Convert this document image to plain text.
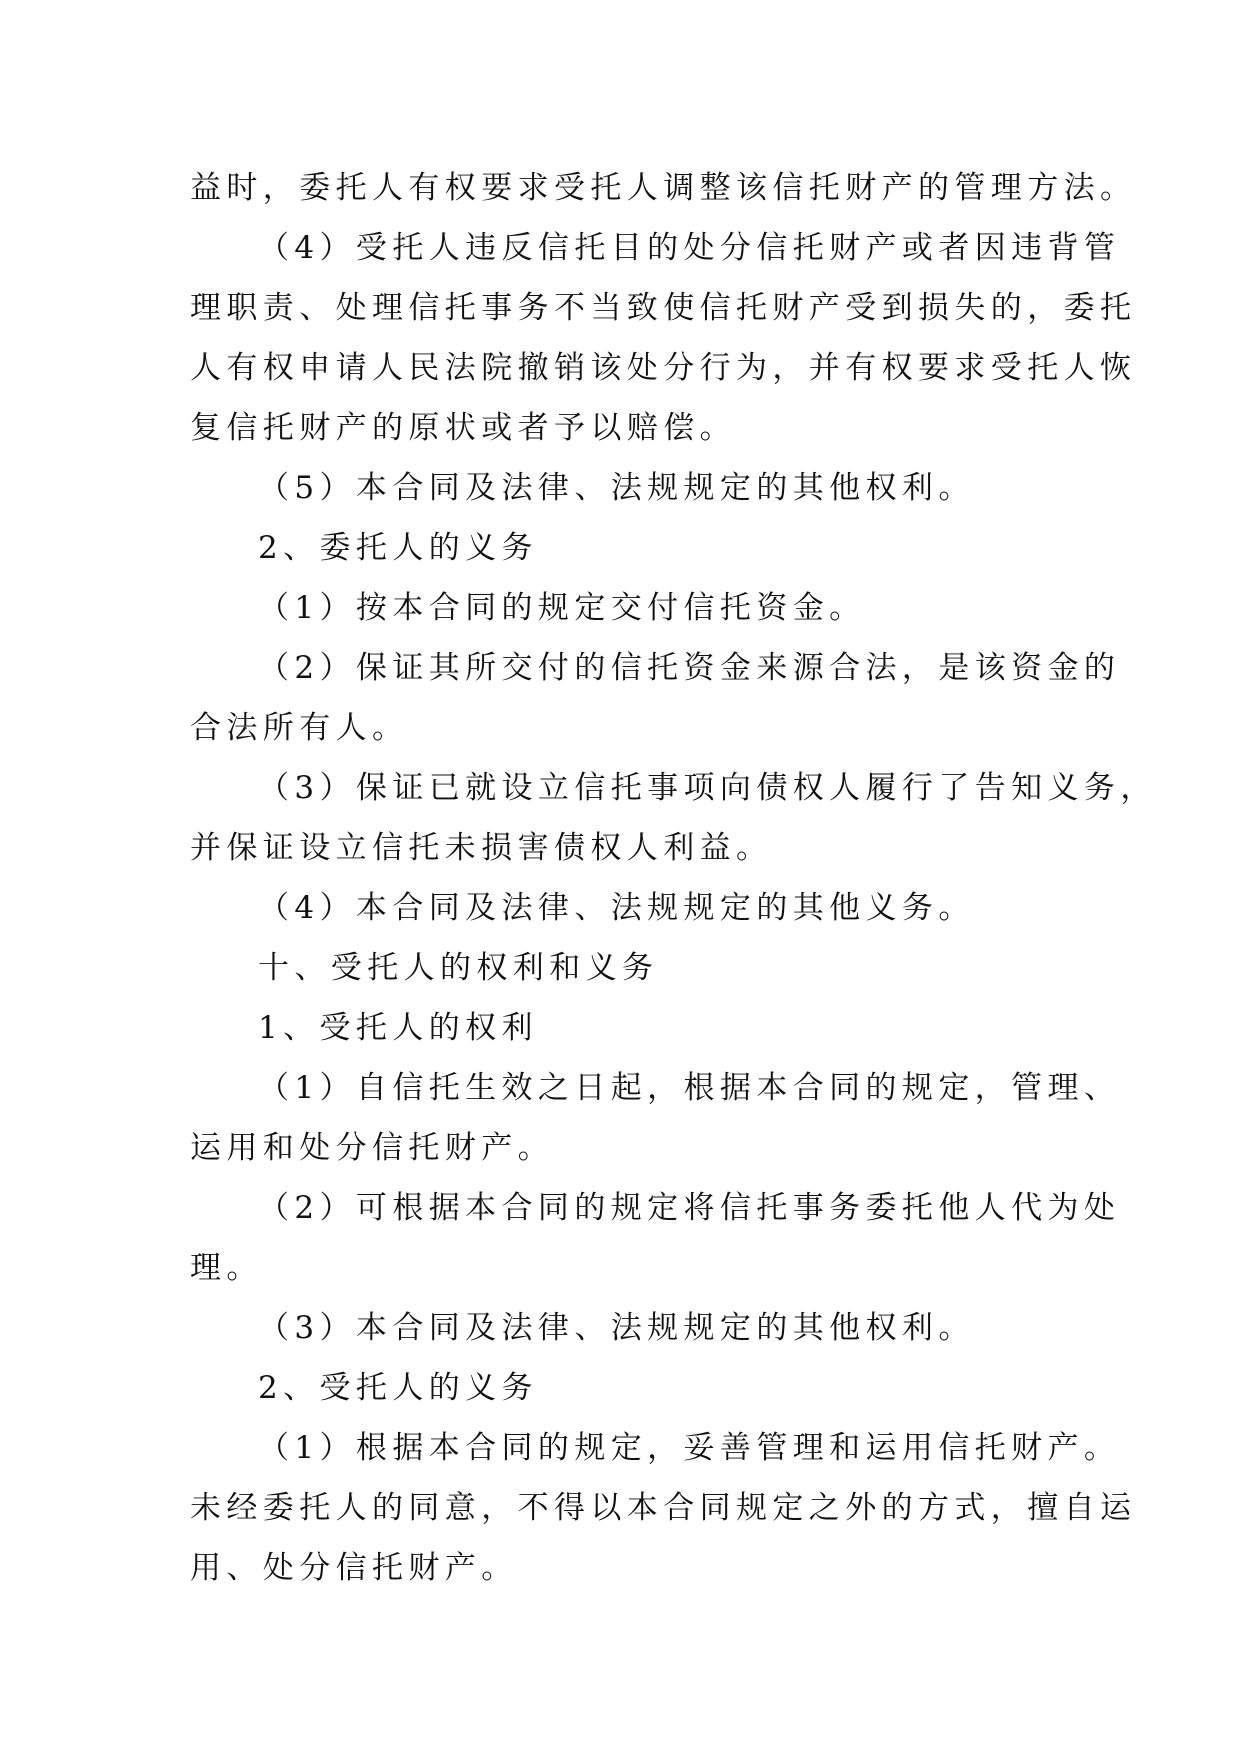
益时，委托人有权要求受托人调整该信托财产的管理方法。
（4）受托人违反信托目的处分信托财产或者因违背管
理职责、处理信托事务不当致使信托财产受到损失的，委托
人有权申请人民法院撤销该处分行为，并有权要求受托人恢
复信托财产的原状或者予以赔偿。
（5）本合同及法律、法规规定的其他权利。
2、委托人的义务
（1）按本合同的规定交付信托资金。
（2）保证其所交付的信托资金来源合法，是该资金的
合法所有人。
（3）保证已就设立信托事项向债权人履行了告知义务，
并保证设立信托未损害债权人利益。
（4）本合同及法律、法规规定的其他义务。
十、受托人的权利和义务
1、受托人的权利
（1）自信托生效之日起，根据本合同的规定，管理、
运用和处分信托财产。
（2）可根据本合同的规定将信托事务委托他人代为处
理。
（3）本合同及法律、法规规定的其他权利。
2、受托人的义务
（1）根据本合同的规定，妥善管理和运用信托财产。
未经委托人的同意，不得以本合同规定之外的方式，擅自运
用、处分信托财产。
